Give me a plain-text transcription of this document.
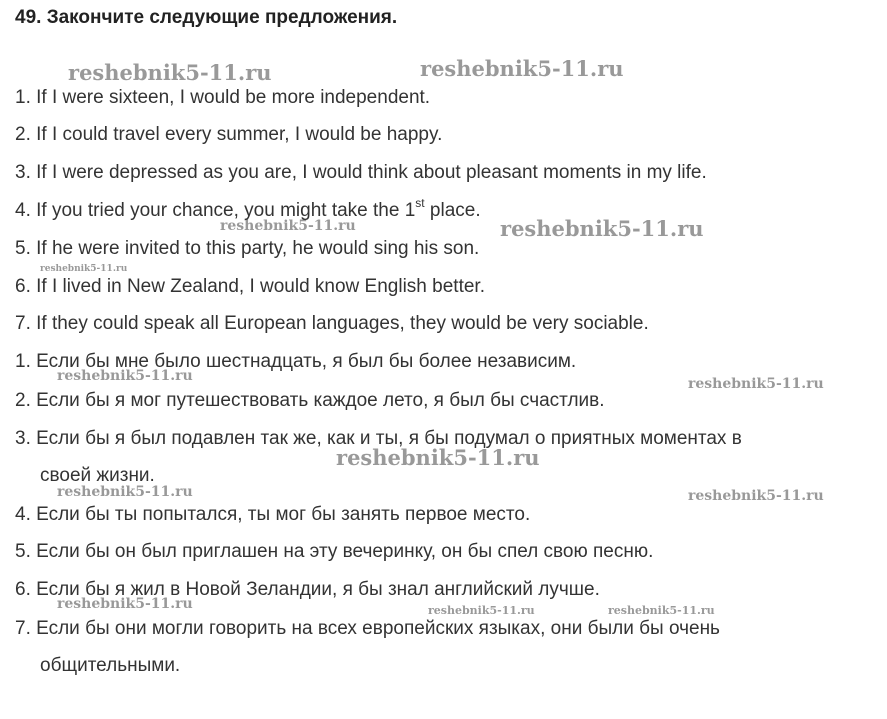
49. Закончите следующие предложения.
reshebnik5-11.ru	reshebnik5-11.ru
reshebnik5-11.ru	reshebnik5-11.ru
reshebnik5-11.ru
reshebnik5-11.ru	reshebnik5-11.ru
reshebnik5-11.ru
reshebnik5-11.ru	reshebnik5-11.ru
reshebnik5-11.ru	reshebnik5-11.ru	reshebnik5-11.ru
1. If I were sixteen, I would be more independent.
2. If I could travel every summer, I would be happy.
3. If I were depressed as you are, I would think about pleasant moments in my life.
4. If you tried your chance, you might take the 1st place.
5. If he were invited to this party, he would sing his son.
6. If I lived in New Zealand, I would know English better.
7. If they could speak all European languages, they would be very sociable.
1. Если бы мне было шестнадцать, я был бы более независим.
2. Если бы я мог путешествовать каждое лето, я был бы счастлив.
3. Если бы я был подавлен так же, как и ты, я бы подумал о приятных моментах в
своей жизни.
4. Если бы ты попытался, ты мог бы занять первое место.
5. Если бы он был приглашен на эту вечеринку, он бы спел свою песню.
6. Если бы я жил в Новой Зеландии, я бы знал английский лучше.
7. Если бы они могли говорить на всех европейских языках, они были бы очень
общительными.
